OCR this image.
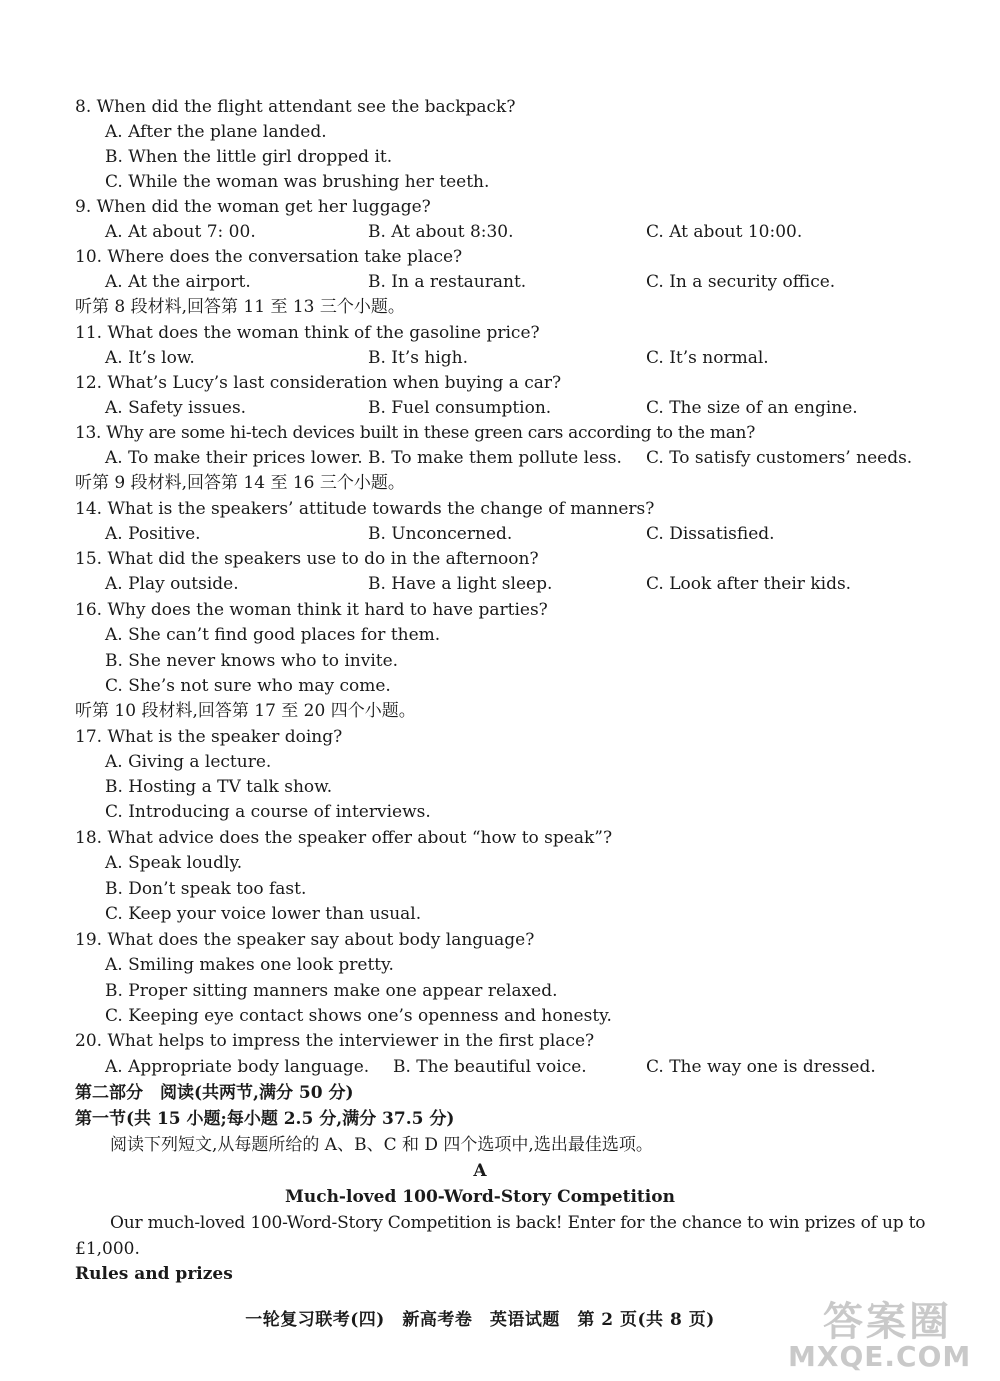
8. When did the flight attendant see the backpack?
A. After the plane landed.
B. When the little girl dropped it.
C. While the woman was brushing her teeth.
9. When did the woman get her luggage?
A. At about 7: 00.	B. At about 8:30.	C. At about 10:00.
10. Where does the conversation take place?
A. At the airport.	B. In a restaurant.	C. In a security office.
听第 8 段材料,回答第 11 至 13 三个小题。
11. What does the woman think of the gasoline price?
A. It’s low.	B. It’s high.	C. It’s normal.
12. What’s Lucy’s last consideration when buying a car?
A. Safety issues.	B. Fuel consumption.	C. The size of an engine.
13. Why are some hi-tech devices built in these green cars according to the man?
A. To make their prices lower. B. To make them pollute less. C. To satisfy customers’ needs.
听第 9 段材料,回答第 14 至 16 三个小题。
14. What is the speakers’ attitude towards the change of manners?
A. Positive.	B. Unconcerned.	C. Dissatisfied.
15. What did the speakers use to do in the afternoon?
A. Play outside.	B. Have a light sleep.	C. Look after their kids.
16. Why does the woman think it hard to have parties?
A. She can’t find good places for them.
B. She never knows who to invite.
C. She’s not sure who may come.
听第 10 段材料,回答第 17 至 20 四个小题。
17. What is the speaker doing?
A. Giving a lecture.
B. Hosting a TV talk show.
C. Introducing a course of interviews.
18. What advice does the speaker offer about “how to speak”?
A. Speak loudly.
B. Don’t speak too fast.
C. Keep your voice lower than usual.
19. What does the speaker say about body language?
A. Smiling makes one look pretty.
B. Proper sitting manners make one appear relaxed.
C. Keeping eye contact shows one’s openness and honesty.
20. What helps to impress the interviewer in the first place?
A. Appropriate body language. B. The beautiful voice.	C. The way one is dressed.
第二部分　阅读(共两节,满分 50 分)
第一节(共 15 小题;每小题 2.5 分,满分 37.5 分)
阅读下列短文,从每题所给的 A、B、C 和 D 四个选项中,选出最佳选项。
A
Much-loved 100-Word-Story Competition
Our much-loved 100-Word-Story Competition is back! Enter for the chance to win prizes of up to
£1,000.
Rules and prizes
一轮复习联考(四)　新高考卷　英语试题　第 2 页(共 8 页)	答案圈
MXQE.COM
